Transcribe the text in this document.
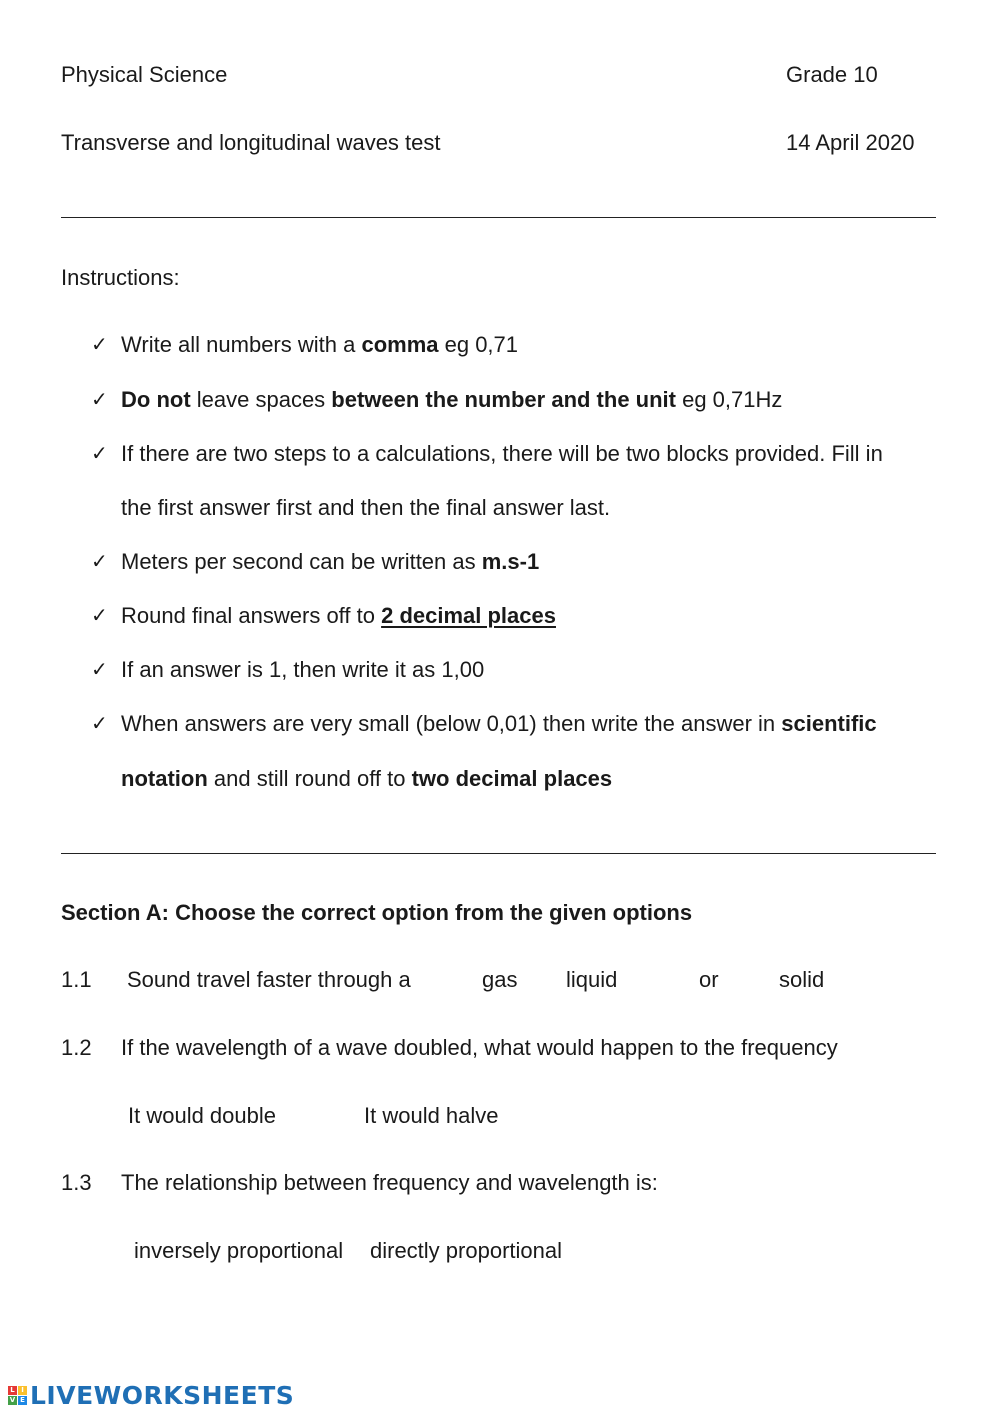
Physical Science	Grade 10
Transverse and longitudinal waves test	14 April 2020
Instructions:
✓ Write all numbers with a comma eg 0,71
✓ Do not leave spaces between the number and the unit eg 0,71Hz
✓ If there are two steps to a calculations, there will be two blocks provided. Fill in
the first answer first and then the final answer last.
✓ Meters per second can be written as m.s-1
✓ Round final answers off to 2 decimal places
✓ If an answer is 1, then write it as 1,00
✓ When answers are very small (below 0,01) then write the answer in scientific
notation and still round off to two decimal places
Section A: Choose the correct option from the given options
1.1 Sound travel faster through a	gas liquid	or	solid
1.2 If the wavelength of a wave doubled, what would happen to the frequency
It would double	It would halve
1.3 The relationship between frequency and wavelength is:
inversely proportional directly proportional
L I
V E LIVEWORKSHEETS
